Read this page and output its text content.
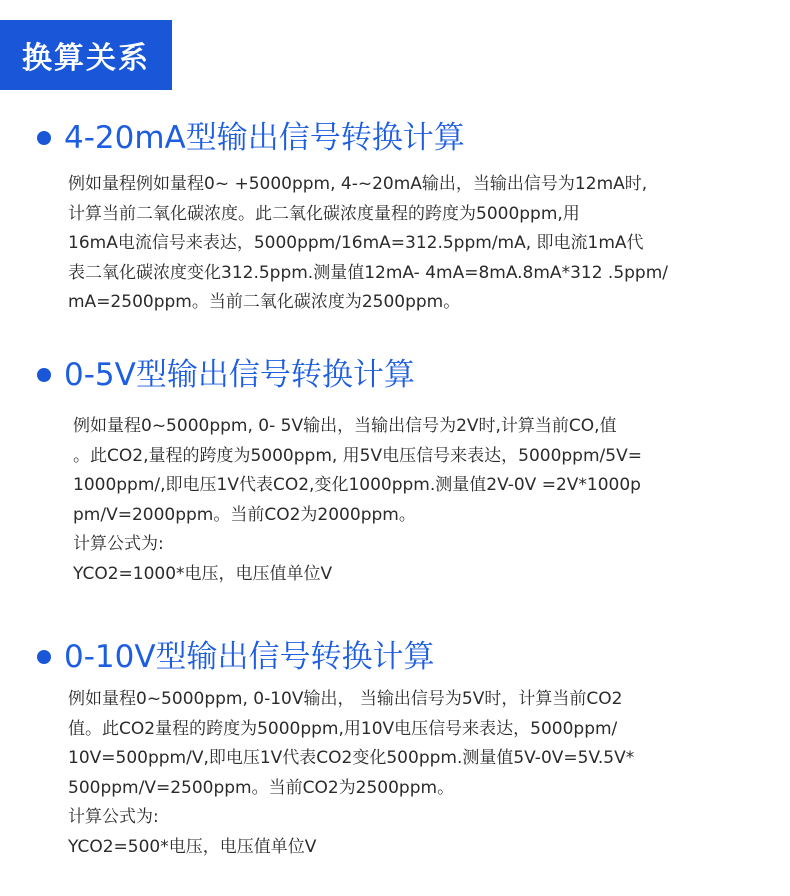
换算关系
4-20mA型输出信号转换计算
例如量程例如量程0~ +5000ppm, 4-~20mA输出，当输出信号为12mA时,
计算当前二氧化碳浓度。此二氧化碳浓度量程的跨度为5000ppm,用
16mA电流信号来表达，5000ppm/16mA=312.5ppm/mA, 即电流1mA代
表二氧化碳浓度变化312.5ppm.测量值12mA- 4mA=8mA.8mA*312 .5ppm/
mA=2500ppm。当前二氧化碳浓度为2500ppm。
0-5V型输出信号转换计算
例如量程0~5000ppm, 0- 5V输出，当输出信号为2V时,计算当前CO,值
。此CO2,量程的跨度为5000ppm, 用5V电压信号来表达，5000ppm/5V=
1000ppm/,即电压1V代表CO2,变化1000ppm.测量值2V-0V =2V*1000p
pm/V=2000ppm。当前CO2为2000ppm。
计算公式为:
YCO2=1000*电压，电压值单位V
0-10V型输出信号转换计算
例如量程0~5000ppm, 0-10V输出， 当输出信号为5V时，计算当前CO2
值。此CO2量程的跨度为5000ppm,用10V电压信号来表达，5000ppm/
10V=500ppm/V,即电压1V代表CO2变化500ppm.测量值5V-0V=5V.5V*
500ppm/V=2500ppm。当前CO2为2500ppm。
计算公式为:
YCO2=500*电压，电压值单位V
